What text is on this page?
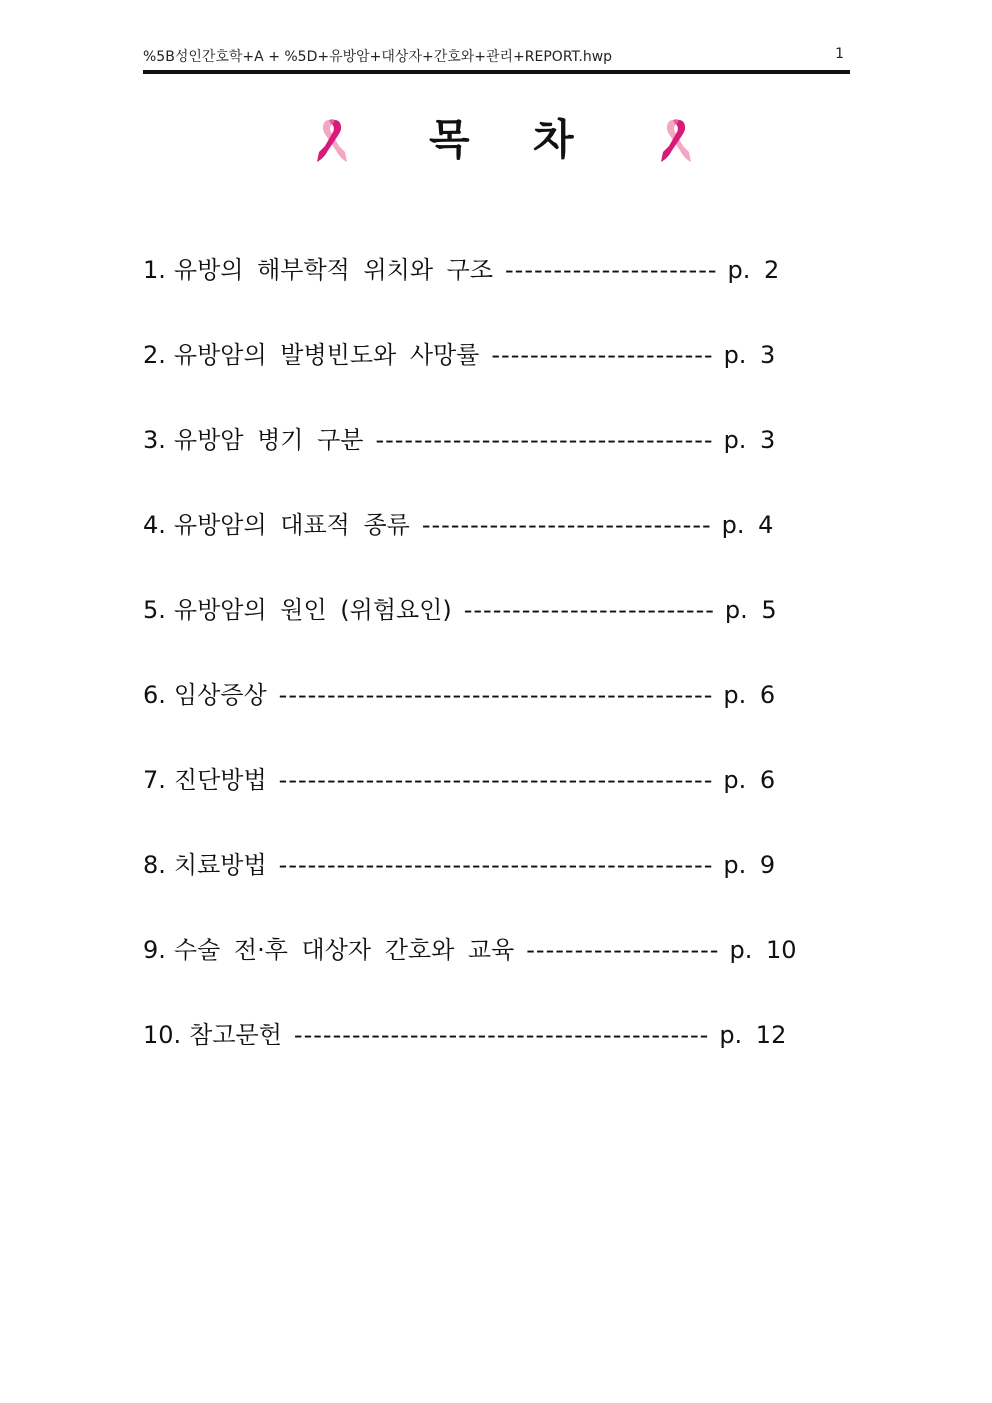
%5B성인간호학+A + %5D+유방암+대상자+간호와+관리+REPORT.hwp	1
목 차
1. 유방의 해부학적 위치와 구조 ---------------------- p. 2
2. 유방암의 발병빈도와 사망률 ----------------------- p. 3
3. 유방암 병기 구분 ----------------------------------- p. 3
4. 유방암의 대표적 종류 ------------------------------ p. 4
5. 유방암의 원인 (위험요인) -------------------------- p. 5
6. 임상증상 --------------------------------------------- p. 6
7. 진단방법 --------------------------------------------- p. 6
8. 치료방법 --------------------------------------------- p. 9
9. 수술 전·후 대상자 간호와 교육 -------------------- p. 10
10. 참고문헌 ------------------------------------------- p. 12
